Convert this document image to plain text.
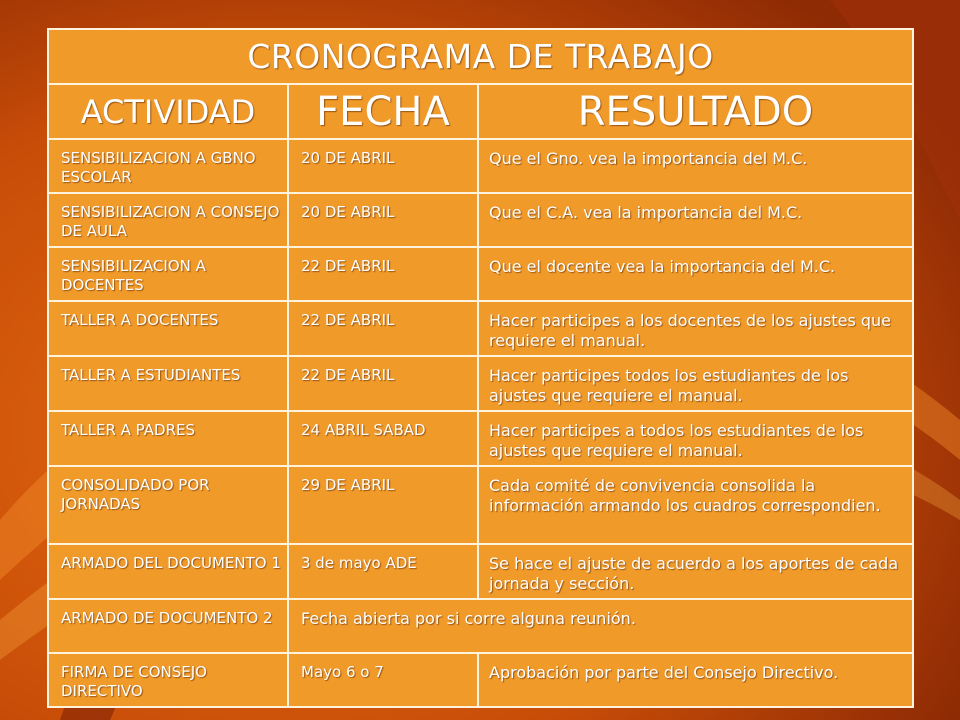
CRONOGRAMA DE TRABAJO		
ACTIVIDAD	FECHA	RESULTADO
SENSIBILIZACION A GBNO ESCOLAR	20 DE ABRIL	Que el Gno. vea la importancia del M.C.
SENSIBILIZACION A CONSEJO DE AULA	20 DE ABRIL	Que el C.A. vea la importancia del M.C.
SENSIBILIZACION A DOCENTES	22 DE ABRIL	Que el docente vea la importancia del M.C.
TALLER A DOCENTES	22 DE ABRIL	Hacer participes a los docentes de los ajustes que requiere el manual.
TALLER A ESTUDIANTES	22 DE ABRIL	Hacer participes todos los estudiantes de los ajustes que requiere el manual.
TALLER A PADRES	24 ABRIL SABAD	Hacer participes a todos los estudiantes de los ajustes que requiere el manual.
CONSOLIDADO POR JORNADAS	29 DE ABRIL	Cada comité de convivencia consolida la información armando los cuadros correspondien.
ARMADO DEL DOCUMENTO 1	3 de mayo ADE	Se hace el ajuste de acuerdo a los aportes de cada jornada y sección.
ARMADO DE DOCUMENTO 2	Fecha abierta por si corre alguna reunión.	
FIRMA DE CONSEJO DIRECTIVO	Mayo 6 o 7	Aprobación por parte del Consejo Directivo.
